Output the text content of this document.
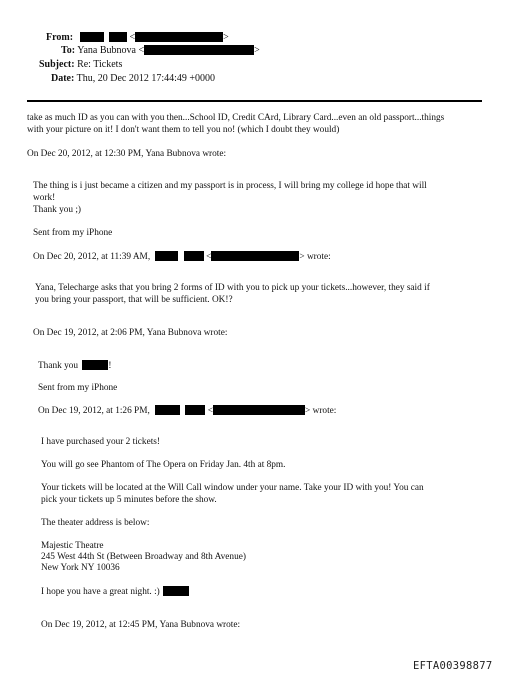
From:	<	>
To: Yana Bubnova <	>
Subject: Re: Tickets
Date: Thu, 20 Dec 2012 17:44:49 +0000
take as much ID as you can with you then...School ID, Credit CArd, Library Card...even an old passport...things
with your picture on it! I don't want them to tell you no! (which I doubt they would)
On Dec 20, 2012, at 12:30 PM, Yana Bubnova wrote:
The thing is i just became a citizen and my passport is in process, I will bring my college id hope that will
work!
Thank you ;)
Sent from my iPhone
On Dec 20, 2012, at 11:39 AM,	<	> wrote:
Yana, Telecharge asks that you bring 2 forms of ID with you to pick up your tickets...however, they said if
you bring your passport, that will be sufficient. OK!?
On Dec 19, 2012, at 2:06 PM, Yana Bubnova wrote:
Thank you	!
Sent from my iPhone
On Dec 19, 2012, at 1:26 PM,	<	> wrote:
I have purchased your 2 tickets!
You will go see Phantom of The Opera on Friday Jan. 4th at 8pm.
Your tickets will be located at the Will Call window under your name. Take your ID with you! You can
pick your tickets up 5 minutes before the show.
The theater address is below:
Majestic Theatre
245 West 44th St (Between Broadway and 8th Avenue)
New York NY 10036
I hope you have a great night. :)
On Dec 19, 2012, at 12:45 PM, Yana Bubnova wrote:
EFTA00398877
